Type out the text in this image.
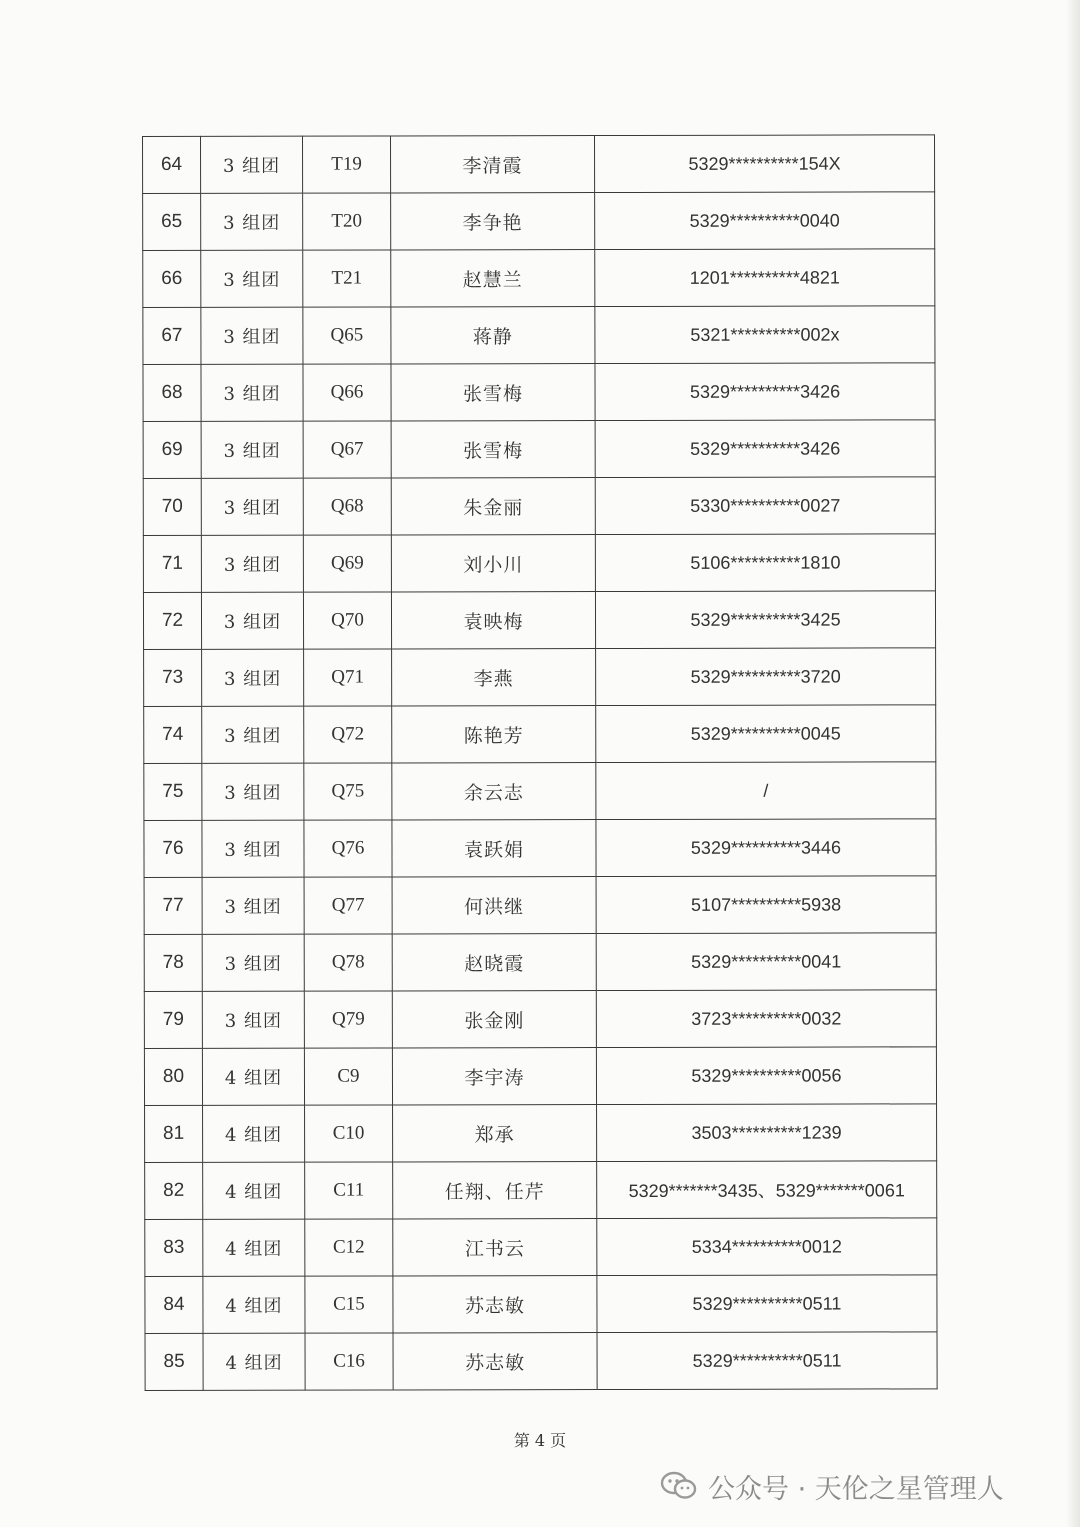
64	3 组团	T19	李清霞	5329**********154X
65	3 组团	T20	李争艳	5329**********0040
66	3 组团	T21	赵慧兰	1201**********4821
67	3 组团	Q65	蒋静	5321**********002x
68	3 组团	Q66	张雪梅	5329**********3426
69	3 组团	Q67	张雪梅	5329**********3426
70	3 组团	Q68	朱金丽	5330**********0027
71	3 组团	Q69	刘小川	5106**********1810
72	3 组团	Q70	袁映梅	5329**********3425
73	3 组团	Q71	李燕	5329**********3720
74	3 组团	Q72	陈艳芳	5329**********0045
75	3 组团	Q75	余云志	/
76	3 组团	Q76	袁跃娟	5329**********3446
77	3 组团	Q77	何洪继	5107**********5938
78	3 组团	Q78	赵晓霞	5329**********0041
79	3 组团	Q79	张金刚	3723**********0032
80	4 组团	C9	李宇涛	5329**********0056
81	4 组团	C10	郑承	3503**********1239
82	4 组团	C11	任翔、任芹	5329*******3435、5329*******0061
83	4 组团	C12	江书云	5334**********0012
84	4 组团	C15	苏志敏	5329**********0511
85	4 组团	C16	苏志敏	5329**********0511
第 4 页
公众号 · 天伦之星管理人
